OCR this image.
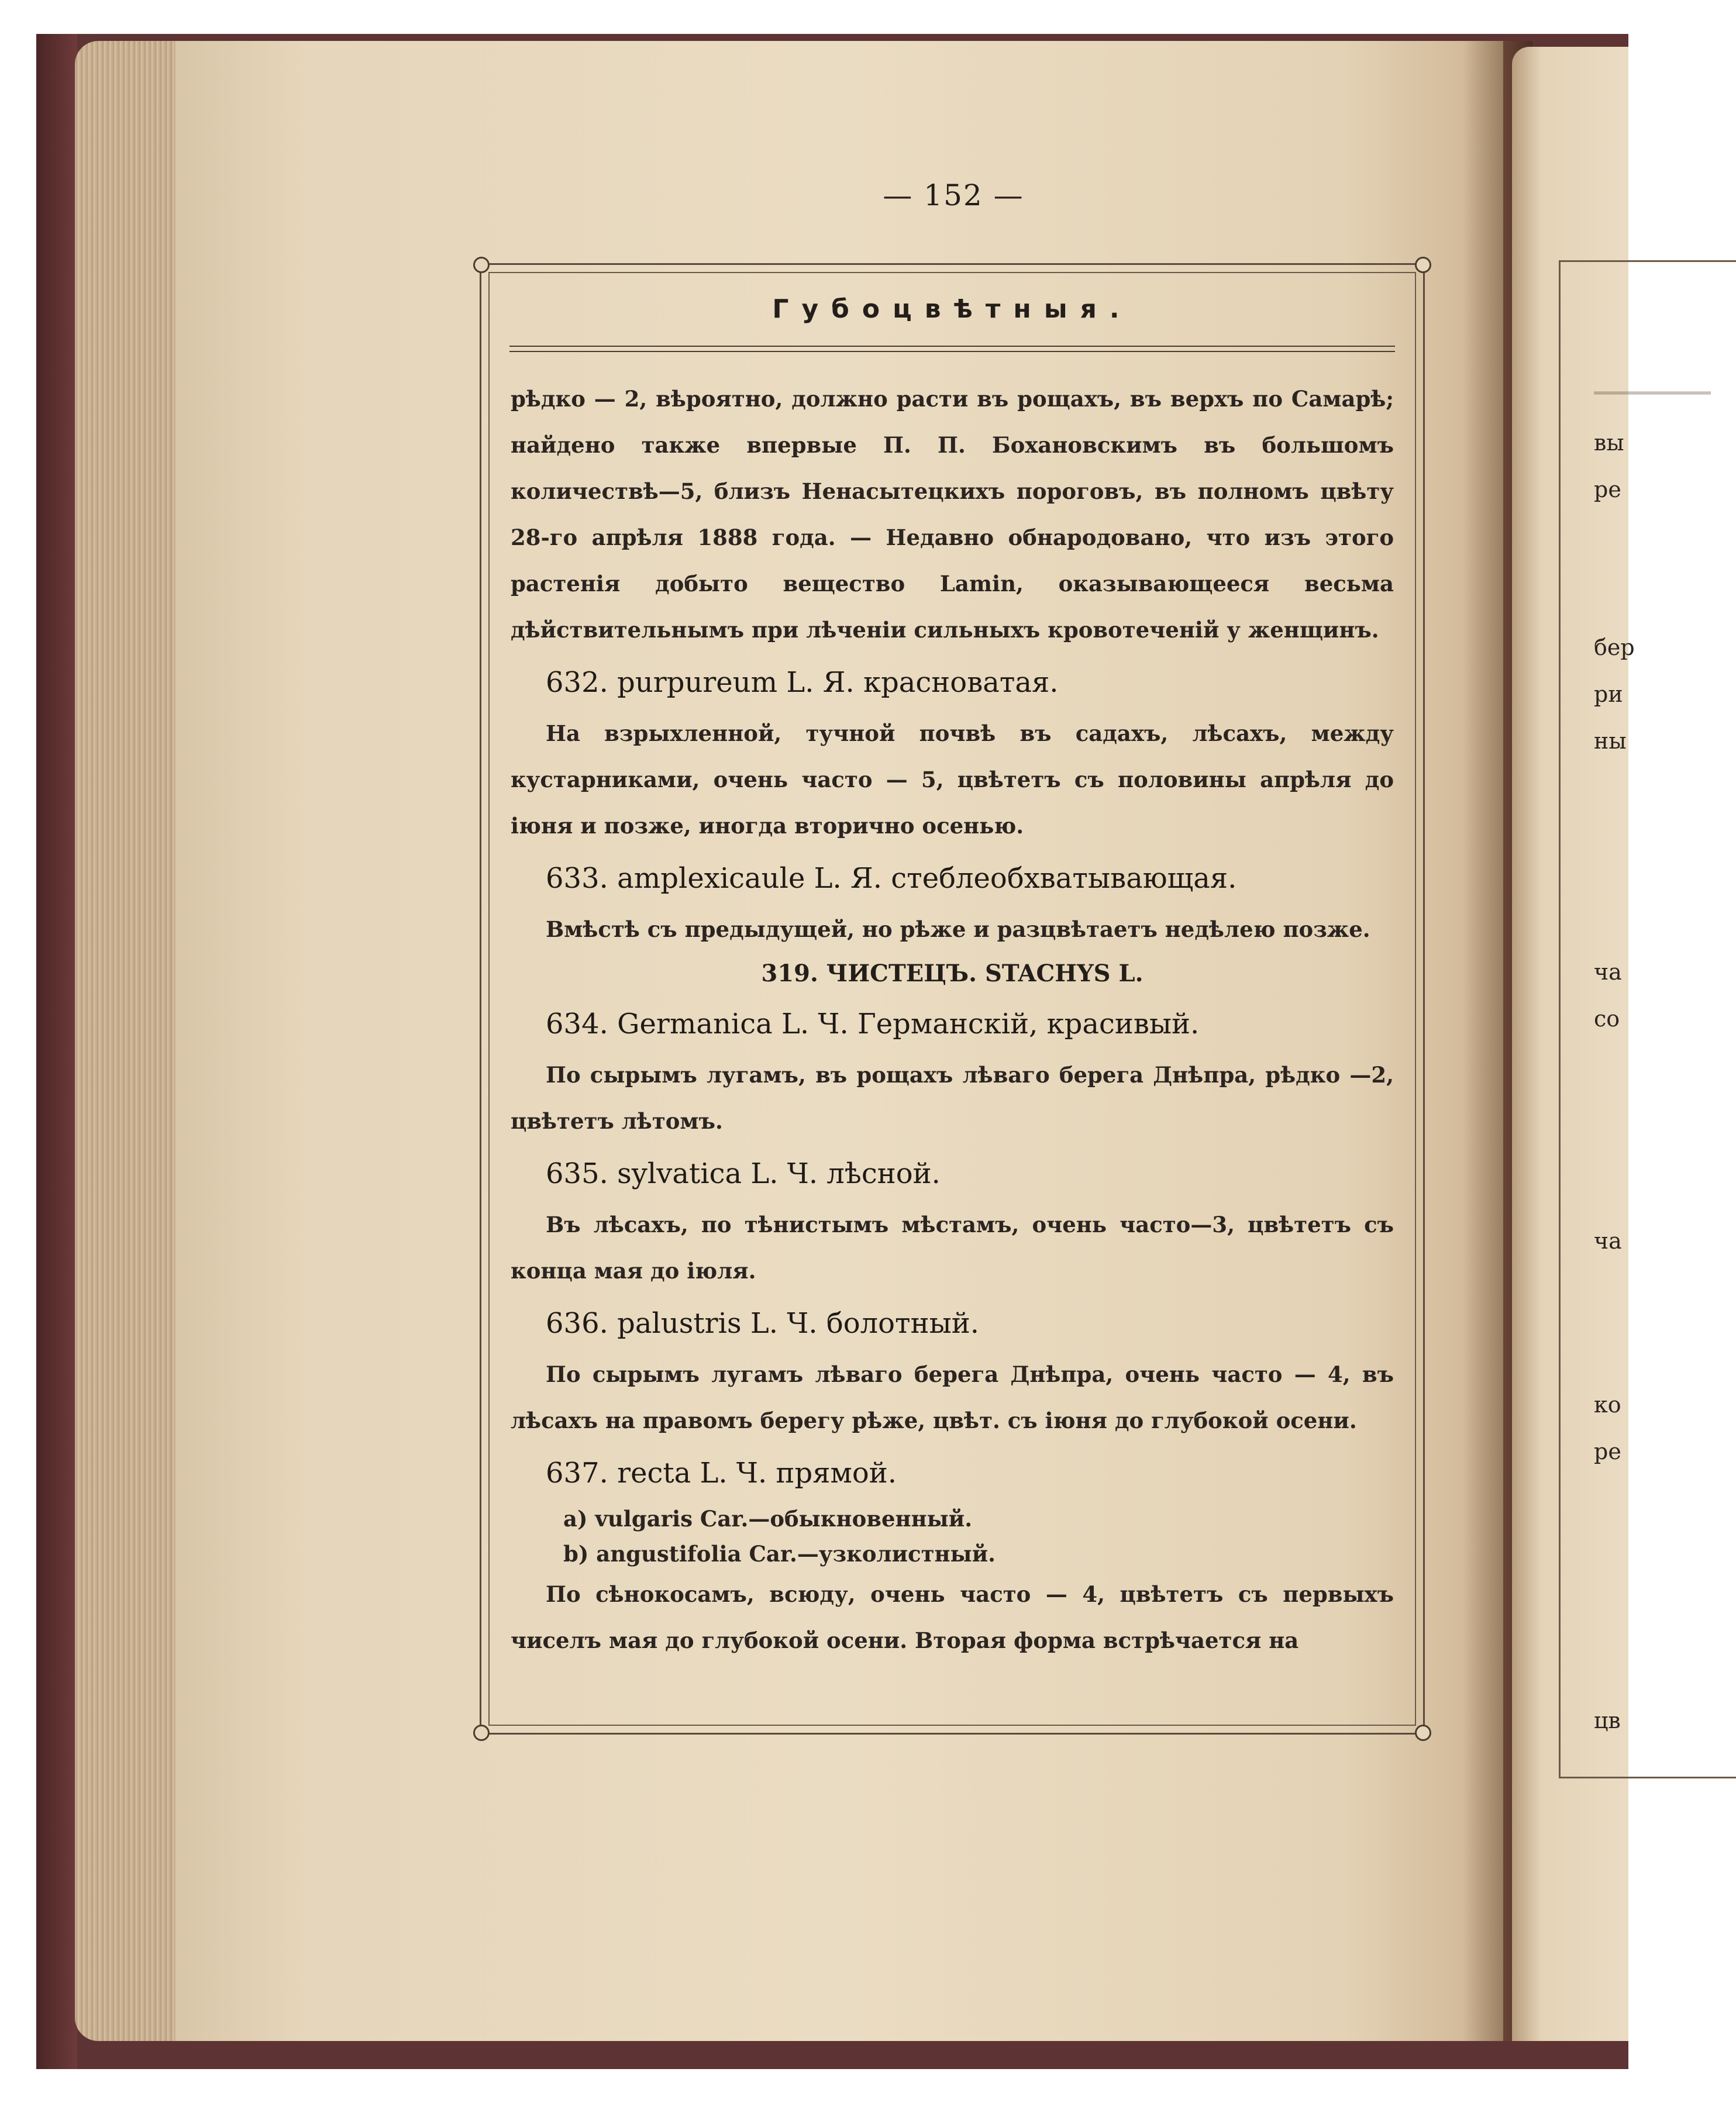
вы
ре
бер
ри
ны
ча
со
ча
ко
ре
цв
— 152 —
Губоцвѣтныя.

рѣдко — 2, вѣроятно, должно расти въ рощахъ, въ верхъ по Самарѣ; найдено также впервые П. П. Бохановскимъ въ большомъ количествѣ—5, близъ Ненасытецкихъ пороговъ, въ полномъ цвѣту 28-го апрѣля 1888 года. — Недавно обнародовано, что изъ этого растенія добыто вещество Lamin, оказывающееся весьма дѣйствительнымъ при лѣченіи сильныхъ кровотеченій у женщинъ.

632. purpureum L. Я. красноватая.

На взрыхленной, тучной почвѣ въ садахъ, лѣсахъ, между кустарниками, очень часто — 5, цвѣтетъ съ половины апрѣля до іюня и позже, иногда вторично осенью.

633. amplexicaule L. Я. стеблеобхватывающая.

Вмѣстѣ съ предыдущей, но рѣже и разцвѣтаетъ недѣлею позже.

319. ЧИСТЕЦЪ. STACHYS L.
634. Germanica L. Ч. Германскій, красивый.

По сырымъ лугамъ, въ рощахъ лѣваго берега Днѣпра, рѣдко —2, цвѣтетъ лѣтомъ.

635. sylvatica L. Ч. лѣсной.

Въ лѣсахъ, по тѣнистымъ мѣстамъ, очень часто—3, цвѣтетъ съ конца мая до іюля.

636. palustris L. Ч. болотный.

По сырымъ лугамъ лѣваго берега Днѣпра, очень часто — 4, въ лѣсахъ на правомъ берегу рѣже, цвѣт. съ іюня до глубокой осени.

637. recta L. Ч. прямой.
a) vulgaris Car.—обыкновенный.
b) angustifolia Car.—узколистный.

По сѣнокосамъ, всюду, очень часто — 4, цвѣтетъ съ первыхъ чиселъ мая до глубокой осени. Вторая форма встрѣчается на
